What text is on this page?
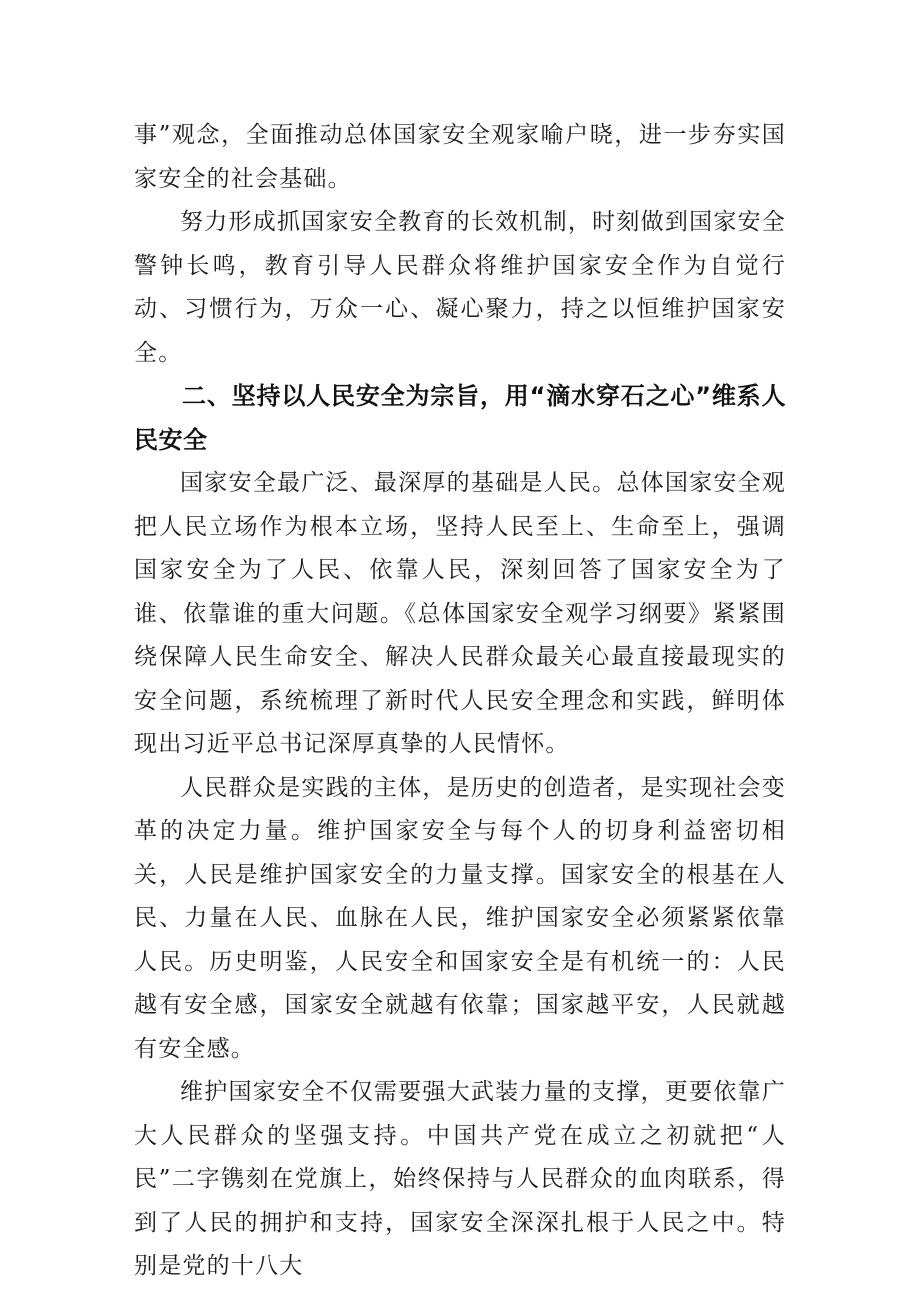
事”观念，全面推动总体国家安全观家喻户晓，进一步夯实国家安全的社会基础。

努力形成抓国家安全教育的长效机制，时刻做到国家安全警钟长鸣，教育引导人民群众将维护国家安全作为自觉行动、习惯行为，万众一心、凝心聚力，持之以恒维护国家安全。

二、坚持以人民安全为宗旨，用“滴水穿石之心”维系人民安全

国家安全最广泛、最深厚的基础是人民。总体国家安全观把人民立场作为根本立场，坚持人民至上、生命至上，强调国家安全为了人民、依靠人民，深刻回答了国家安全为了谁、依靠谁的重大问题。《总体国家安全观学习纲要》紧紧围绕保障人民生命安全、解决人民群众最关心最直接最现实的安全问题，系统梳理了新时代人民安全理念和实践，鲜明体现出习近平总书记深厚真挚的人民情怀。

人民群众是实践的主体，是历史的创造者，是实现社会变革的决定力量。维护国家安全与每个人的切身利益密切相关，人民是维护国家安全的力量支撑。国家安全的根基在人民、力量在人民、血脉在人民，维护国家安全必须紧紧依靠人民。历史明鉴，人民安全和国家安全是有机统一的：人民越有安全感，国家安全就越有依靠；国家越平安，人民就越有安全感。

维护国家安全不仅需要强大武装力量的支撑，更要依靠广大人民群众的坚强支持。中国共产党在成立之初就把“人民”二字镌刻在党旗上，始终保持与人民群众的血肉联系，得到了人民的拥护和支持，国家安全深深扎根于人民之中。特别是党的十八大
